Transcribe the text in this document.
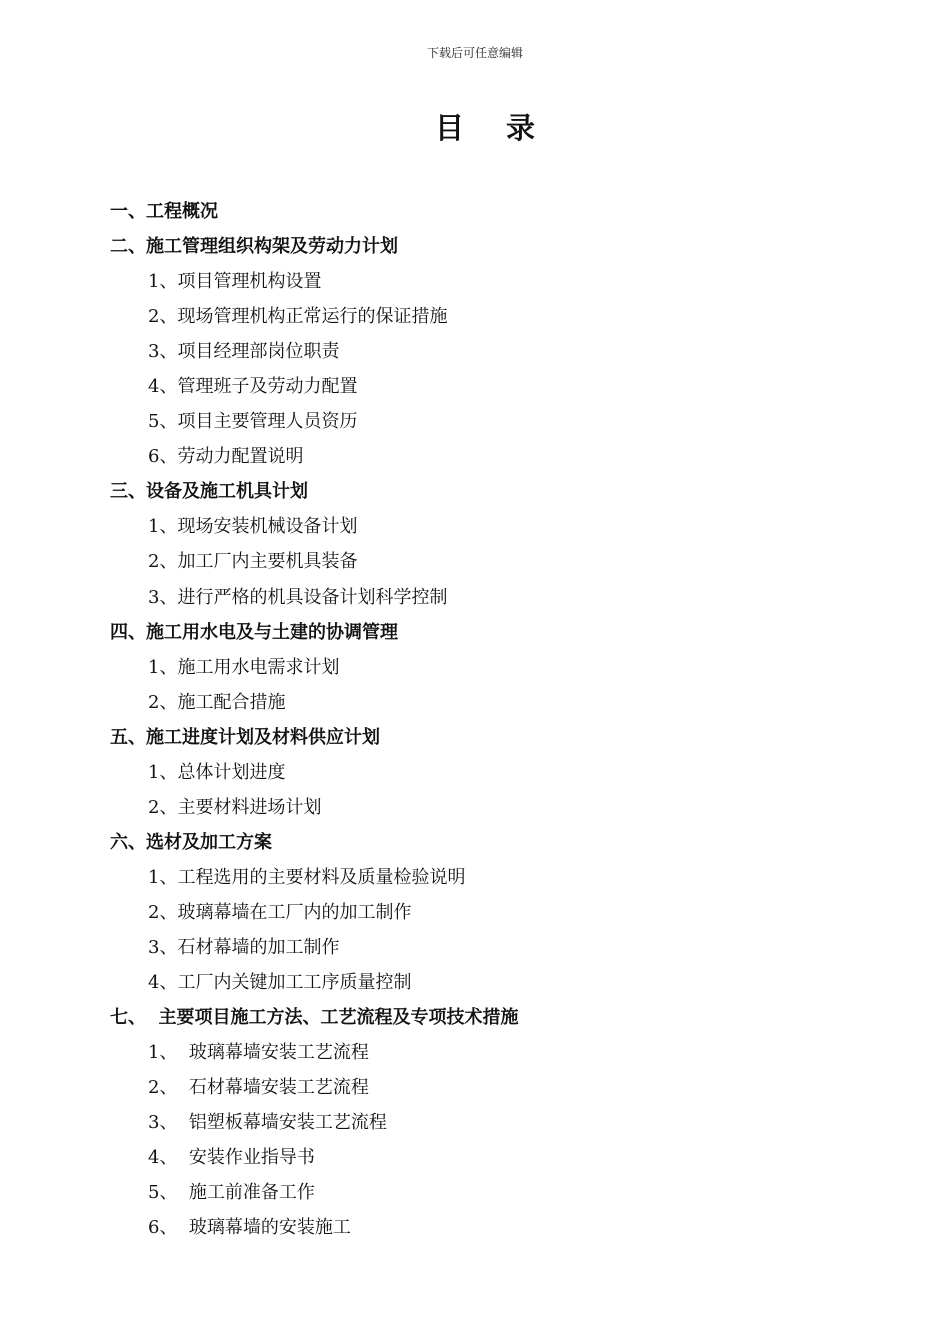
下载后可任意编辑
目 录
一、工程概况
二、施工管理组织构架及劳动力计划
1、项目管理机构设置
2、现场管理机构正常运行的保证措施
3、项目经理部岗位职责
4、管理班子及劳动力配置
5、项目主要管理人员资历
6、劳动力配置说明
三、设备及施工机具计划
1、现场安装机械设备计划
2、加工厂内主要机具装备
3、进行严格的机具设备计划科学控制
四、施工用水电及与土建的协调管理
1、施工用水电需求计划
2、施工配合措施
五、施工进度计划及材料供应计划
1、总体计划进度
2、主要材料进场计划
六、选材及加工方案
1、工程选用的主要材料及质量检验说明
2、玻璃幕墙在工厂内的加工制作
3、石材幕墙的加工制作
4、工厂内关键加工工序质量控制
七、  主要项目施工方法、工艺流程及专项技术措施
1、  玻璃幕墙安装工艺流程
2、  石材幕墙安装工艺流程
3、  铝塑板幕墙安装工艺流程
4、  安装作业指导书
5、  施工前准备工作
6、  玻璃幕墙的安装施工
